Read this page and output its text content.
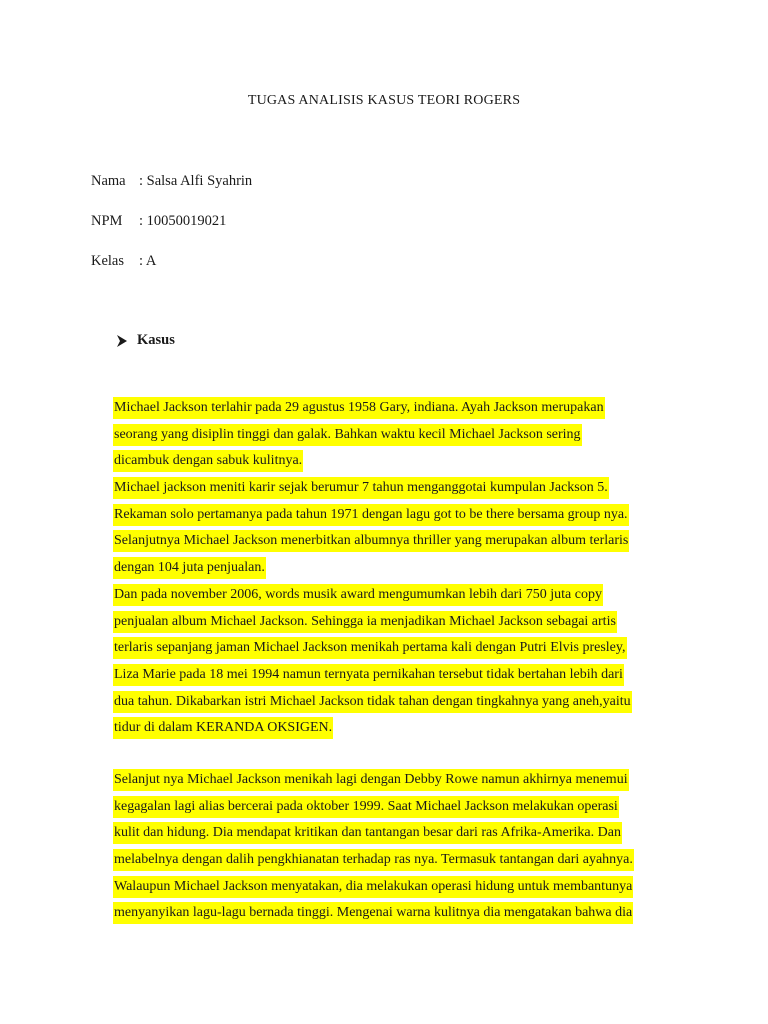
TUGAS ANALISIS KASUS TEORI ROGERS
Nama : Salsa Alfi Syahrin
NPM	: 10050019021
Kelas	: A
Kasus
Michael Jackson terlahir pada 29 agustus 1958 Gary, indiana. Ayah Jackson merupakan
seorang yang disiplin tinggi dan galak. Bahkan waktu kecil Michael Jackson sering
dicambuk dengan sabuk kulitnya.
Michael jackson meniti karir sejak berumur 7 tahun menganggotai kumpulan Jackson 5.
Rekaman solo pertamanya pada tahun 1971 dengan lagu got to be there bersama group nya.
Selanjutnya Michael Jackson menerbitkan albumnya thriller yang merupakan album terlaris
dengan 104 juta penjualan.
Dan pada november 2006, words musik award mengumumkan lebih dari 750 juta copy
penjualan album Michael Jackson. Sehingga ia menjadikan Michael Jackson sebagai artis
terlaris sepanjang jaman Michael Jackson menikah pertama kali dengan Putri Elvis presley,
Liza Marie pada 18 mei 1994 namun ternyata pernikahan tersebut tidak bertahan lebih dari
dua tahun. Dikabarkan istri Michael Jackson tidak tahan dengan tingkahnya yang aneh,yaitu
tidur di dalam KERANDA OKSIGEN.
Selanjut nya Michael Jackson menikah lagi dengan Debby Rowe namun akhirnya menemui
kegagalan lagi alias bercerai pada oktober 1999. Saat Michael Jackson melakukan operasi
kulit dan hidung. Dia mendapat kritikan dan tantangan besar dari ras Afrika-Amerika. Dan
melabelnya dengan dalih pengkhianatan terhadap ras nya. Termasuk tantangan dari ayahnya.
Walaupun Michael Jackson menyatakan, dia melakukan operasi hidung untuk membantunya
menyanyikan lagu-lagu bernada tinggi. Mengenai warna kulitnya dia mengatakan bahwa dia
